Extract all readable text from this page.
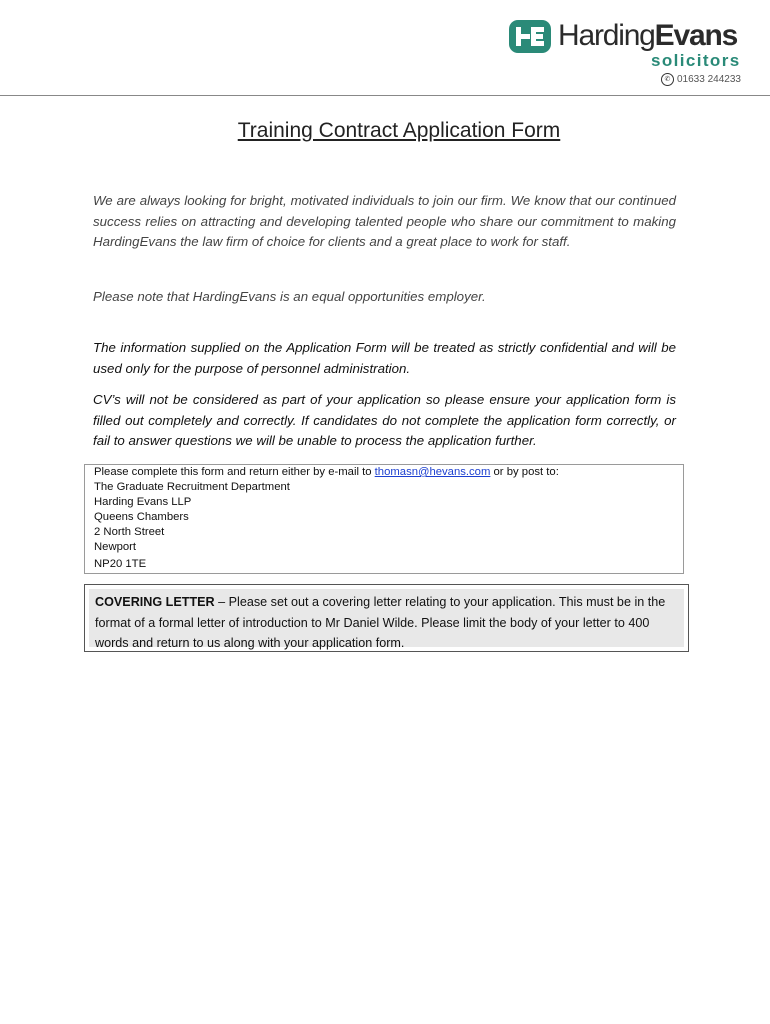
HardingEvans
solicitors
✆ 01633 244233
Training Contract Application Form

We are always looking for bright, motivated individuals to join our firm. We know that our continued success relies on attracting and developing talented people who share our commitment to making HardingEvans the law firm of choice for clients and a great place to work for staff.

Please note that HardingEvans is an equal opportunities employer.

The information supplied on the Application Form will be treated as strictly confidential and will be used only for the purpose of personnel administration.

CV’s will not be considered as part of your application so please ensure your application form is filled out completely and correctly. If candidates do not complete the application form correctly, or fail to answer questions we will be unable to process the application further.

Please complete this form and return either by e-mail to thomasn@hevans.com or by post to:
The Graduate Recruitment Department
Harding Evans LLP
Queens Chambers
2 North Street
Newport
NP20 1TE
COVERING LETTER – Please set out a covering letter relating to your application. This must be in the format of a formal letter of introduction to Mr Daniel Wilde. Please limit the body of your letter to 400 words and return to us along with your application form.
